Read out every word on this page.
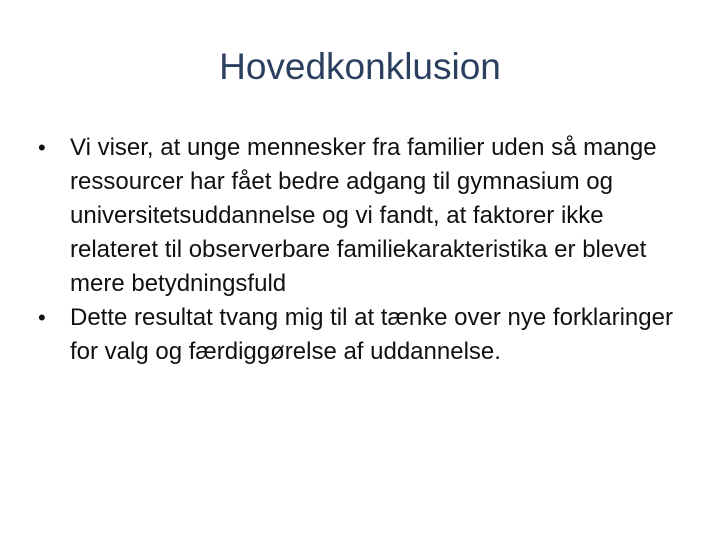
Hovedkonklusion
• Vi viser, at unge mennesker fra familier uden så mange ressourcer har fået bedre adgang til gymnasium og universitetsuddannelse og vi fandt, at faktorer ikke relateret til observerbare familiekarakteristika er blevet mere betydningsfuld
• Dette resultat tvang mig til at tænke over nye forklaringer for valg og færdiggørelse af uddannelse.
